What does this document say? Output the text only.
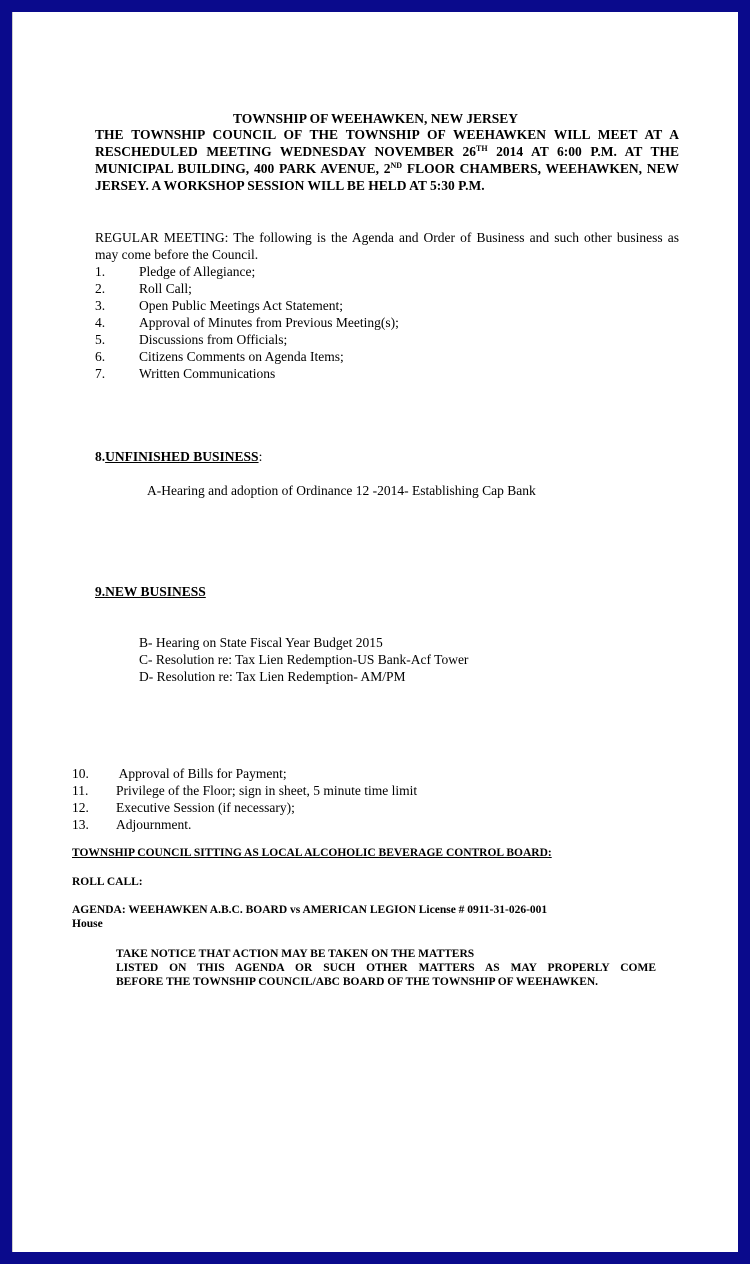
TOWNSHIP OF WEEHAWKEN, NEW JERSEY

THE TOWNSHIP COUNCIL OF THE TOWNSHIP OF WEEHAWKEN WILL MEET AT A RESCHEDULED MEETING WEDNESDAY NOVEMBER 26TH 2014 AT 6:00 P.M. AT THE MUNICIPAL BUILDING, 400 PARK AVENUE, 2ND FLOOR CHAMBERS, WEEHAWKEN, NEW JERSEY. A WORKSHOP SESSION WILL BE HELD AT 5:30 P.M.

REGULAR MEETING: The following is the Agenda and Order of Business and such other business as may come before the Council.
1.	Pledge of Allegiance;
2.	Roll Call;
3.	Open Public Meetings Act Statement;
4.	Approval of Minutes from Previous Meeting(s);
5.	Discussions from Officials;
6.	Citizens Comments on Agenda Items;
7.	Written Communications
8.UNFINISHED BUSINESS:
A-Hearing and adoption of Ordinance 12 -2014- Establishing Cap Bank
9.NEW BUSINESS
B- Hearing on State Fiscal Year Budget 2015
C- Resolution re: Tax Lien Redemption-US Bank-Acf Tower
D- Resolution re: Tax Lien Redemption- AM/PM
10. Approval of Bills for Payment;
11. Privilege of the Floor; sign in sheet, 5 minute time limit
12. Executive Session (if necessary);
13. Adjournment.
TOWNSHIP COUNCIL SITTING AS LOCAL ALCOHOLIC BEVERAGE CONTROL BOARD:
ROLL CALL:
AGENDA: WEEHAWKEN A.B.C. BOARD vs AMERICAN LEGION License # 0911-31-026-001
House
TAKE NOTICE THAT ACTION MAY BE TAKEN ON THE MATTERS
LISTED ON THIS AGENDA OR SUCH OTHER MATTERS AS MAY PROPERLY COME
BEFORE THE TOWNSHIP COUNCIL/ABC BOARD OF THE TOWNSHIP OF WEEHAWKEN.
